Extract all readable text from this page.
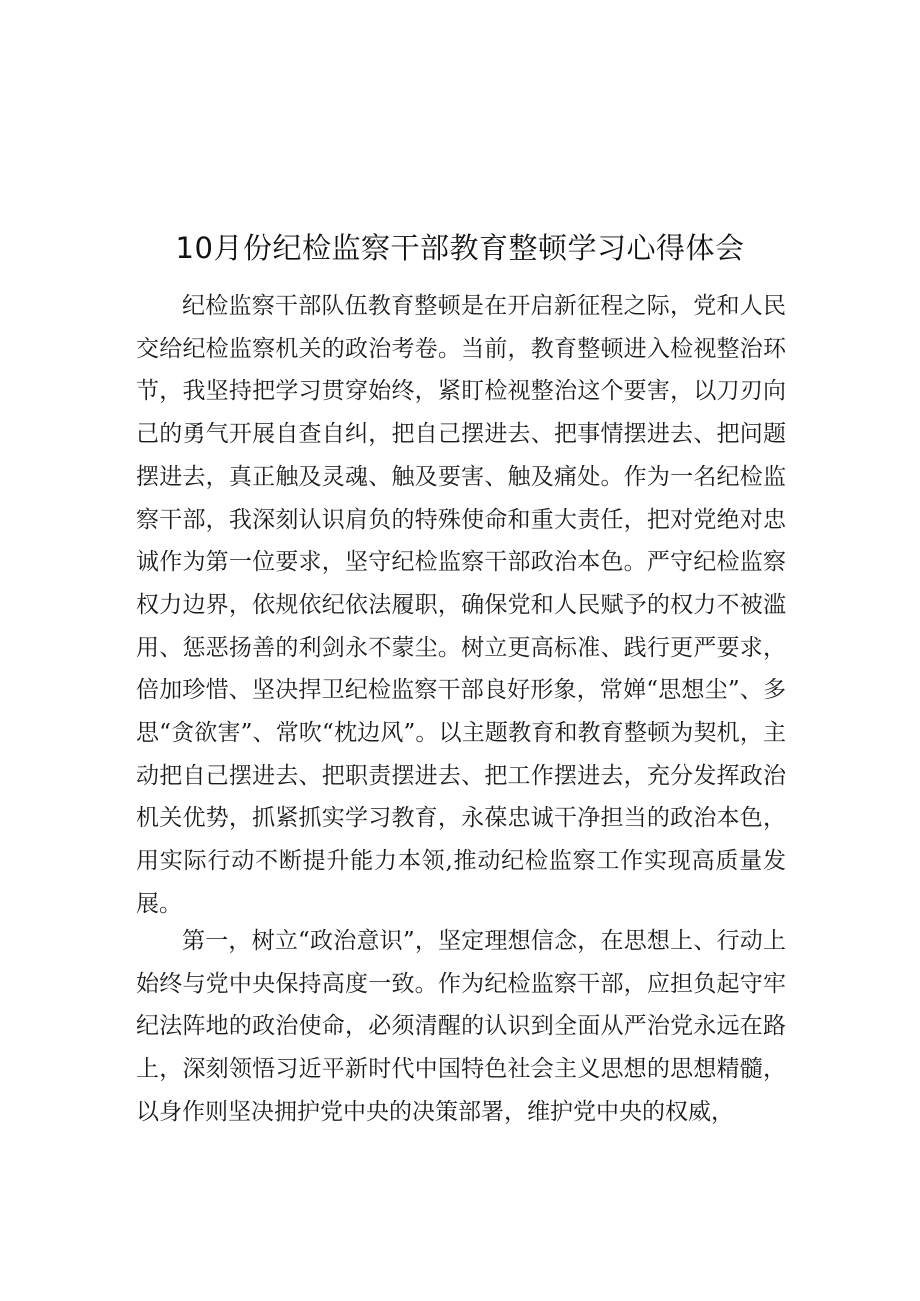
10月份纪检监察干部教育整顿学习心得体会

纪检监察干部队伍教育整顿是在开启新征程之际，党和人民交给纪检监察机关的政治考卷。当前，教育整顿进入检视整治环节，我坚持把学习贯穿始终，紧盯检视整治这个要害，以刀刃向己的勇气开展自查自纠，把自己摆进去、把事情摆进去、把问题摆进去，真正触及灵魂、触及要害、触及痛处。作为一名纪检监察干部，我深刻认识肩负的特殊使命和重大责任，把对党绝对忠诚作为第一位要求，坚守纪检监察干部政治本色。严守纪检监察权力边界，依规依纪依法履职，确保党和人民赋予的权力不被滥用、惩恶扬善的利剑永不蒙尘。树立更高标准、践行更严要求，倍加珍惜、坚决捍卫纪检监察干部良好形象，常婵“思想尘”、多思“贪欲害”、常吹“枕边风”。以主题教育和教育整顿为契机，主动把自己摆进去、把职责摆进去、把工作摆进去，充分发挥政治机关优势，抓紧抓实学习教育，永葆忠诚干净担当的政治本色，用实际行动不断提升能力本领,推动纪检监察工作实现高质量发展。

第一，树立“政治意识”，坚定理想信念，在思想上、行动上始终与党中央保持高度一致。作为纪检监察干部，应担负起守牢纪法阵地的政治使命，必须清醒的认识到全面从严治党永远在路上，深刻领悟习近平新时代中国特色社会主义思想的思想精髓，以身作则坚决拥护党中央的决策部署，维护党中央的权威，
